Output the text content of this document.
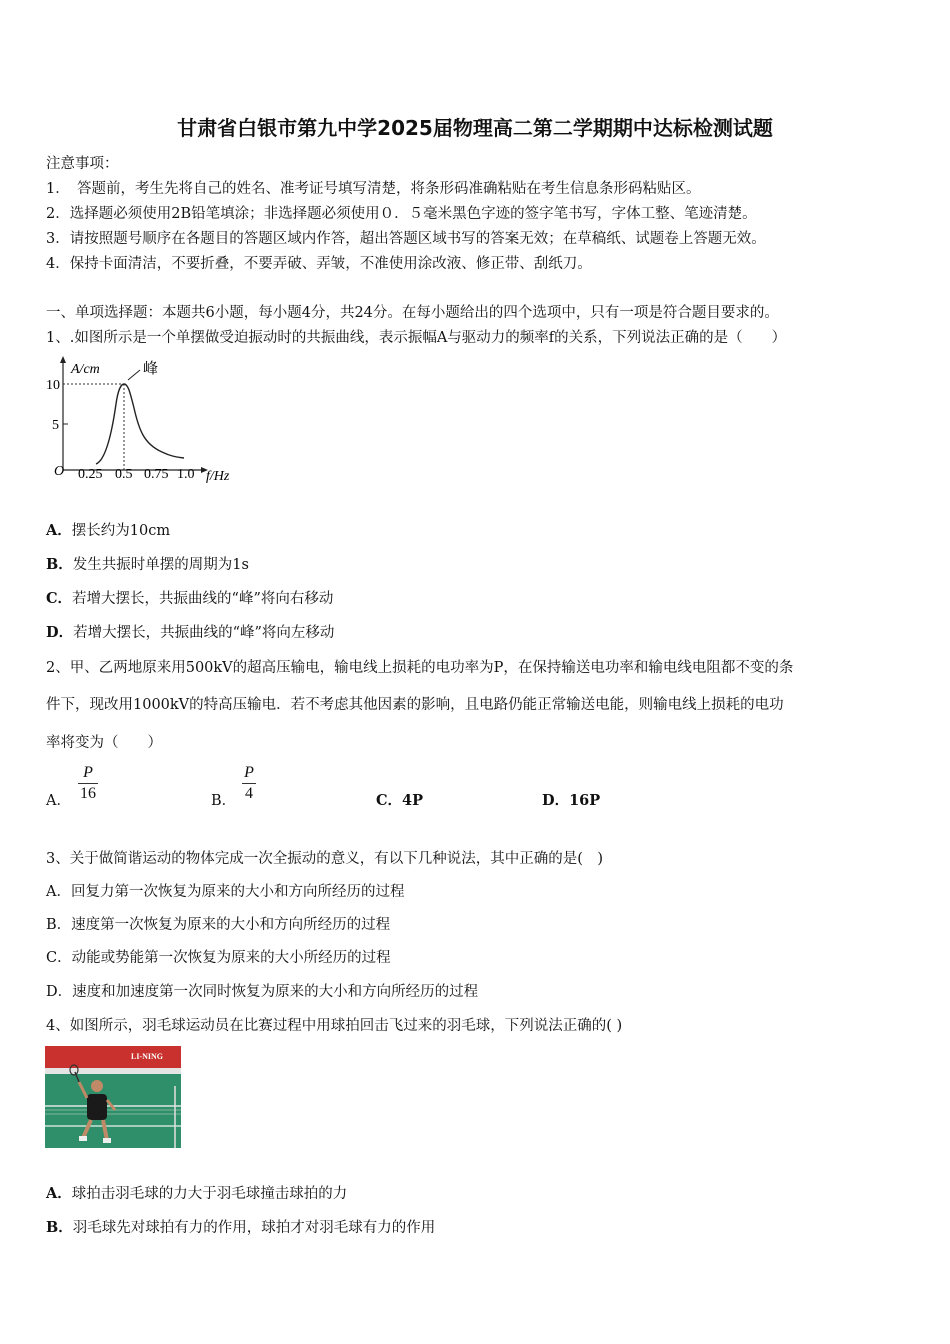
甘肃省白银市第九中学2025届物理高二第二学期期中达标检测试题
注意事项：
1．　答题前，考生先将自己的姓名、准考证号填写清楚，将条形码准确粘贴在考生信息条形码粘贴区。
2．选择题必须使用2B铅笔填涂；非选择题必须使用０．５毫米黑色字迹的签字笔书写，字体工整、笔迹清楚。
3．请按照题号顺序在各题目的答题区域内作答，超出答题区域书写的答案无效；在草稿纸、试题卷上答题无效。
4．保持卡面清洁，不要折叠，不要弄破、弄皱，不准使用涂改液、修正带、刮纸刀。
一、单项选择题：本题共6小题，每小题4分，共24分。在每小题给出的四个选项中，只有一项是符合题目要求的。
1、.如图所示是一个单摆做受迫振动时的共振曲线，表示振幅A与驱动力的频率f的关系，下列说法正确的是（　　）
峰
A/cm
10
5
O 0.25 0.5 0.75 1.0 f/Hz
A．摆长约为10cm
B．发生共振时单摆的周期为1s
C．若增大摆长，共振曲线的“峰”将向右移动
D．若增大摆长，共振曲线的“峰”将向左移动
2、甲、乙两地原来用500kV的超高压输电，输电线上损耗的电功率为P，在保持输送电功率和输电线电阻都不变的条
件下，现改用1000kV的特高压输电．若不考虑其他因素的影响，且电路仍能正常输送电能，则输电线上损耗的电功
率将变为（　　）
A．
P
16	B．
P
4	C．4P	D．16P
3、关于做简谐运动的物体完成一次全振动的意义，有以下几种说法，其中正确的是(　)
A．回复力第一次恢复为原来的大小和方向所经历的过程
B．速度第一次恢复为原来的大小和方向所经历的过程
C．动能或势能第一次恢复为原来的大小所经历的过程
D．速度和加速度第一次同时恢复为原来的大小和方向所经历的过程
4、如图所示，羽毛球运动员在比赛过程中用球拍回击飞过来的羽毛球，下列说法正确的( )
LI-NING
A．球拍击羽毛球的力大于羽毛球撞击球拍的力
B．羽毛球先对球拍有力的作用，球拍才对羽毛球有力的作用
